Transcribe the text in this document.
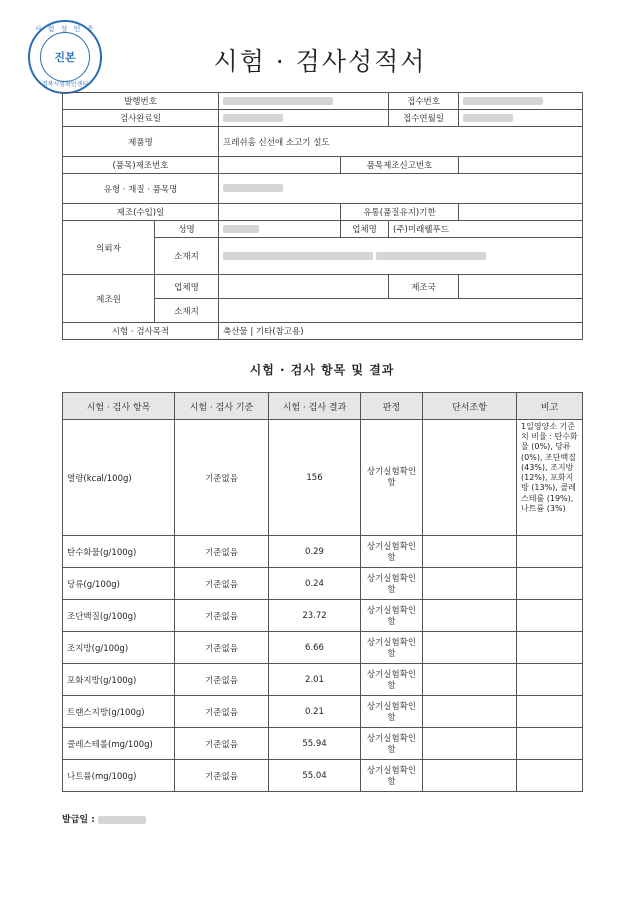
시 험 성 인 증
진본
경북시험확인센터
시험 · 검사성적서
발행번호				접수번호	
검사완료일				접수연월일	
제품명		프레쉬홈 신선애 소고기 설도			
(품목)제조번호			품목제조신고번호		
유형 · 재질 · 품목명					
제조(수입)일			유통(품질유지)기한		
의뢰자	성명		업체명	(주)미래웰푸드	
	소재지				
제조원	업체명			제조국	
	소재지				
시험 · 검사목적		축산물 | 기타(참고용)			
시험 · 검사 항목 및 결과
시험 · 검사 항목	시험 · 검사 기준	시험 · 검사 결과	판정	단서조항	비고
열량(kcal/100g)	기준없음	156	상기실험확인함		1일영양소 기준치 비율 : 탄수화물 (0%), 당류 (0%), 조단백질 (43%), 조지방 (12%), 포화지방 (13%), 콜레스테롤 (19%), 나트륨 (3%)
탄수화물(g/100g)	기준없음	0.29	상기실험확인함		
당류(g/100g)	기준없음	0.24	상기실험확인함		
조단백질(g/100g)	기준없음	23.72	상기실험확인함		
조지방(g/100g)	기준없음	6.66	상기실험확인함		
포화지방(g/100g)	기준없음	2.01	상기실험확인함		
트랜스지방(g/100g)	기준없음	0.21	상기실험확인함		
콜레스테롤(mg/100g)	기준없음	55.94	상기실험확인함		
나트륨(mg/100g)	기준없음	55.04	상기실험확인함		
발급일 :
